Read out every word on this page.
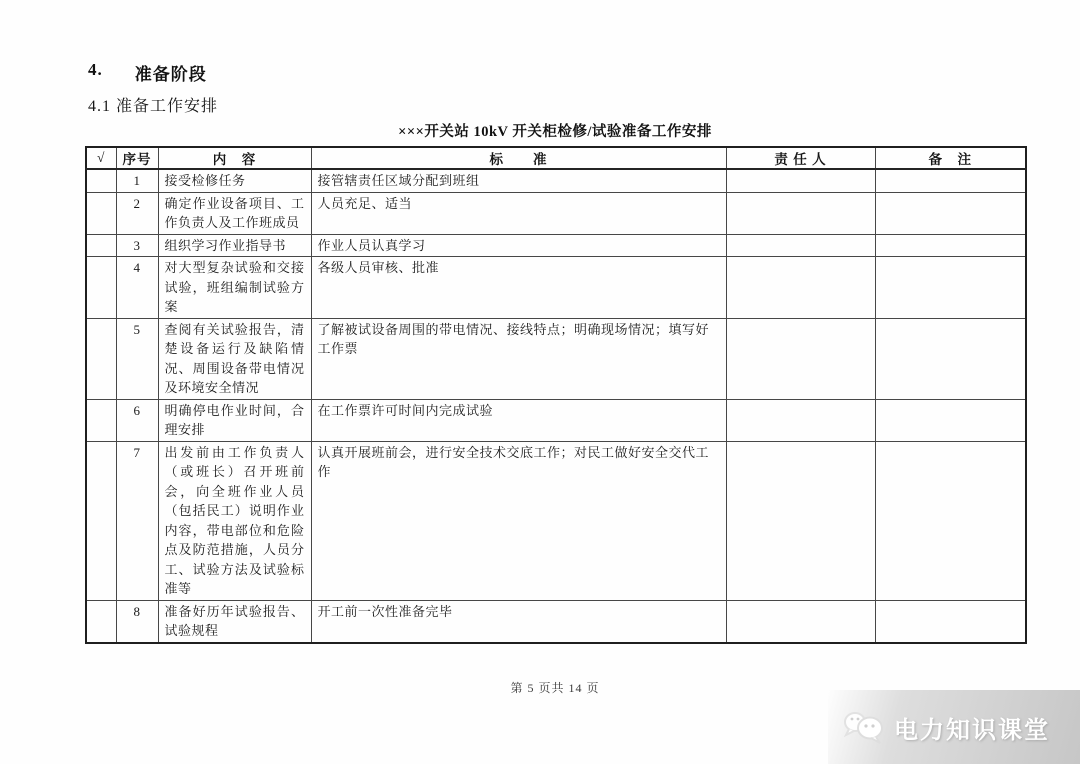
4. 准备阶段
4.1 准备工作安排
×××开关站 10kV 开关柜检修/试验准备工作安排
√	序号	内　容	标　　准	责 任 人	备　注
	1	接受检修任务	接管辖责任区域分配到班组		
	2	确定作业设备项目、工作负责人及工作班成员	人员充足、适当		
	3	组织学习作业指导书	作业人员认真学习		
	4	对大型复杂试验和交接试验，班组编制试验方案	各级人员审核、批准		
	5	查阅有关试验报告，清楚设备运行及缺陷情况、周围设备带电情况及环境安全情况	了解被试设备周围的带电情况、接线特点；明确现场情况；填写好工作票		
	6	明确停电作业时间，合理安排	在工作票许可时间内完成试验		
	7	出发前由工作负责人（或班长）召开班前会，向全班作业人员（包括民工）说明作业内容，带电部位和危险点及防范措施，人员分工、试验方法及试验标准等	认真开展班前会，进行安全技术交底工作；对民工做好安全交代工作		
	8	准备好历年试验报告、试验规程	开工前一次性准备完毕		
第 5 页共 14 页
电力知识课堂
